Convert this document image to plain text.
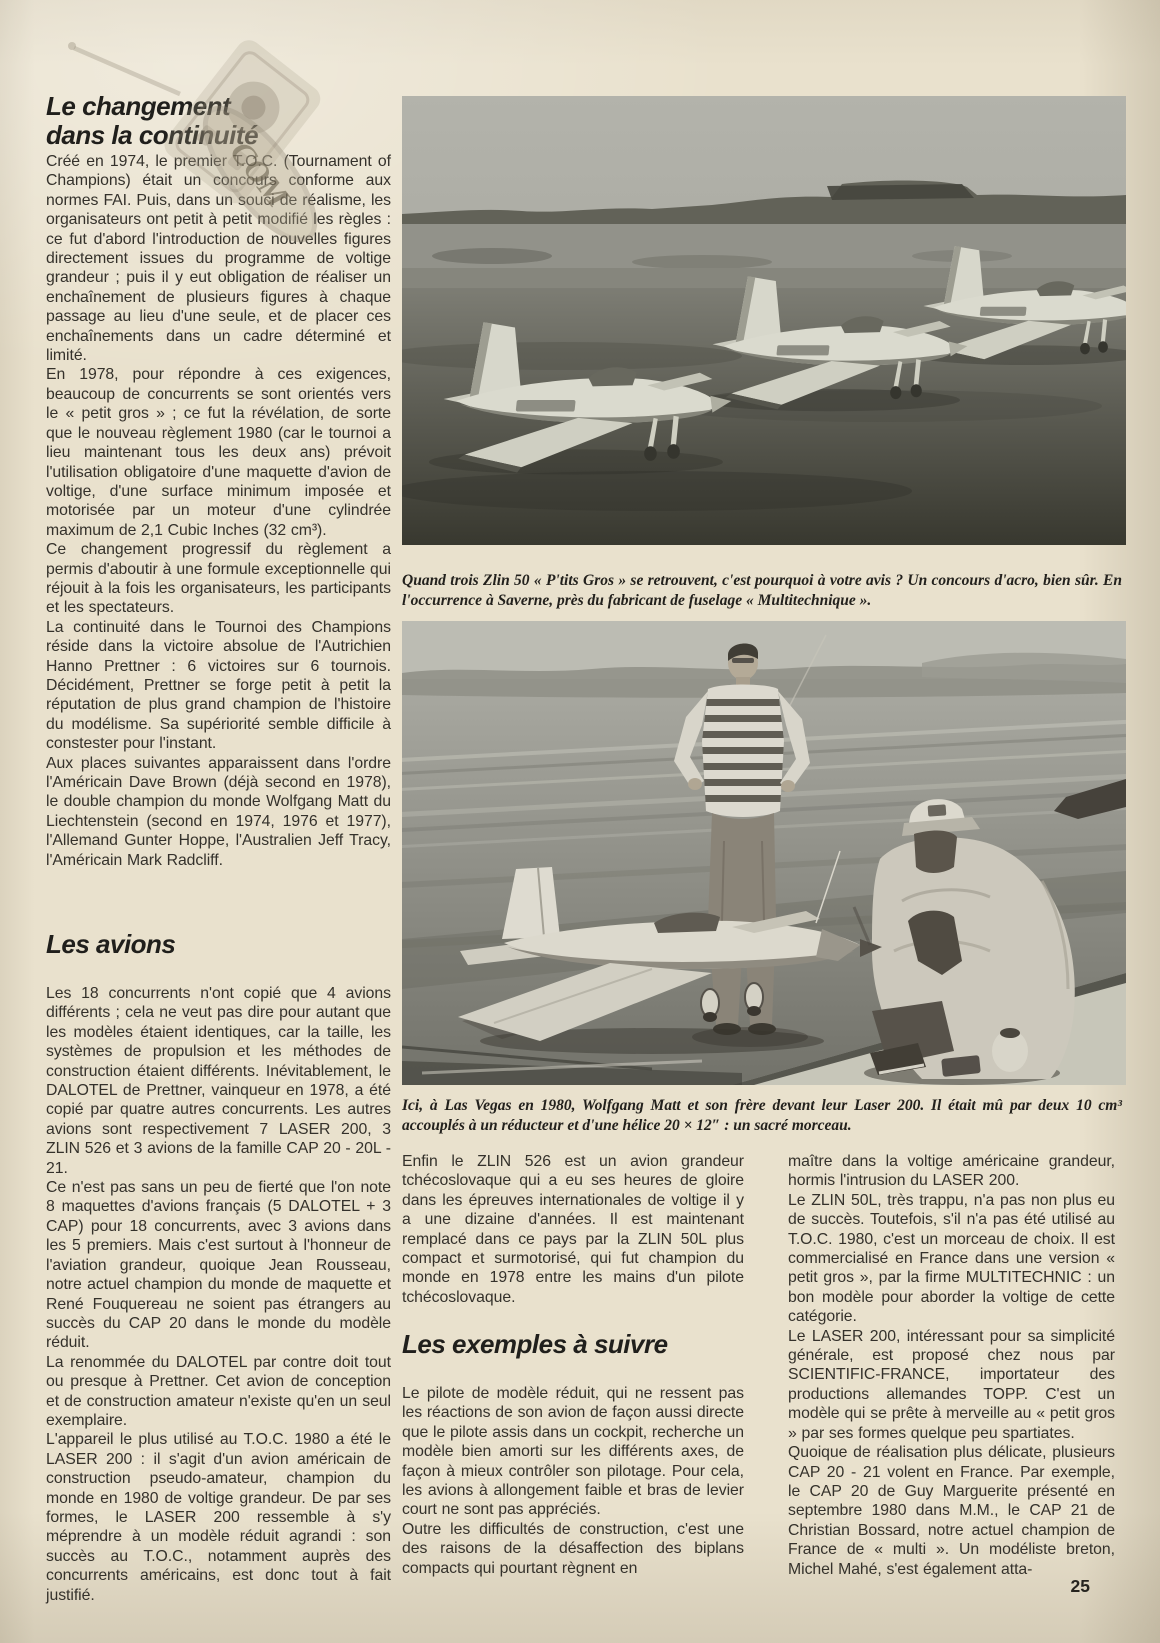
Le changement
dans la continuité

Créé en 1974, le premier T.O.C. (Tournament of Champions) était un concours conforme aux normes FAI. Puis, dans un souci de réalisme, les organisateurs ont petit à petit modifié les règles : ce fut d'abord l'introduction de nouvelles figures directement issues du programme de voltige grandeur ; puis il y eut obligation de réaliser un enchaînement de plusieurs figures à chaque passage au lieu d'une seule, et de placer ces enchaînements dans un cadre déterminé et limité.

En 1978, pour répondre à ces exigences, beaucoup de concurrents se sont orientés vers le « petit gros » ; ce fut la révélation, de sorte que le nouveau règlement 1980 (car le tournoi a lieu maintenant tous les deux ans) prévoit l'utilisation obligatoire d'une maquette d'avion de voltige, d'une surface minimum imposée et motorisée par un moteur d'une cylindrée maximum de 2,1 Cubic Inches (32 cm³).

Ce changement progressif du règlement a permis d'aboutir à une formule exceptionnelle qui réjouit à la fois les organisateurs, les participants et les spectateurs.

La continuité dans le Tournoi des Champions réside dans la victoire absolue de l'Autrichien Hanno Prettner : 6 victoires sur 6 tournois. Décidément, Prettner se forge petit à petit la réputation de plus grand champion de l'histoire du modélisme. Sa supériorité semble difficile à constester pour l'instant.

Aux places suivantes apparaissent dans l'ordre l'Américain Dave Brown (déjà second en 1978), le double champion du monde Wolfgang Matt du Liechtenstein (second en 1974, 1976 et 1977), l'Allemand Gunter Hoppe, l'Australien Jeff Tracy, l'Américain Mark Radcliff.

Les avions

Les 18 concurrents n'ont copié que 4 avions différents ; cela ne veut pas dire pour autant que les modèles étaient identiques, car la taille, les systèmes de propulsion et les méthodes de construction étaient différents. Inévitablement, le DALOTEL de Prettner, vainqueur en 1978, a été copié par quatre autres concurrents. Les autres avions sont respectivement 7 LASER 200, 3 ZLIN 526 et 3 avions de la famille CAP 20 - 20L - 21.

Ce n'est pas sans un peu de fierté que l'on note 8 maquettes d'avions français (5 DALOTEL + 3 CAP) pour 18 concurrents, avec 3 avions dans les 5 premiers. Mais c'est surtout à l'honneur de l'aviation grandeur, quoique Jean Rousseau, notre actuel champion du monde de maquette et René Fouquereau ne soient pas étrangers au succès du CAP 20 dans le monde du modèle réduit.

La renommée du DALOTEL par contre doit tout ou presque à Prettner. Cet avion de conception et de construction amateur n'existe qu'en un seul exemplaire.

L'appareil le plus utilisé au T.O.C. 1980 a été le LASER 200 : il s'agit d'un avion américain de construction pseudo-amateur, champion du monde en 1980 de voltige grandeur. De par ses formes, le LASER 200 ressemble à s'y méprendre à un modèle réduit agrandi : son succès au T.O.C., notamment auprès des concurrents américains, est donc tout à fait justifié.

Quand trois Zlin 50 « P'tits Gros » se retrouvent, c'est pourquoi à votre avis ? Un concours d'acro, bien sûr. En l'occurrence à Saverne, près du fabricant de fuselage « Multitechnique ».
Ici, à Las Vegas en 1980, Wolfgang Matt et son frère devant leur Laser 200. Il était mû par deux 10 cm³ accouplés à un réducteur et d'une hélice 20 × 12″ : un sacré morceau.

Enfin le ZLIN 526 est un avion grandeur tchécoslovaque qui a eu ses heures de gloire dans les épreuves internationales de voltige il y a une dizaine d'années. Il est maintenant remplacé dans ce pays par la ZLIN 50L plus compact et surmotorisé, qui fut champion du monde en 1978 entre les mains d'un pilote tchécoslovaque.

Les exemples à suivre

Le pilote de modèle réduit, qui ne ressent pas les réactions de son avion de façon aussi directe que le pilote assis dans un cockpit, recherche un modèle bien amorti sur les différents axes, de façon à mieux contrôler son pilotage. Pour cela, les avions à allongement faible et bras de levier court ne sont pas appréciés.

Outre les difficultés de construction, c'est une des raisons de la désaffection des biplans compacts qui pourtant règnent en

maître dans la voltige américaine grandeur, hormis l'intrusion du LASER 200.

Le ZLIN 50L, très trappu, n'a pas non plus eu de succès. Toutefois, s'il n'a pas été utilisé au T.O.C. 1980, c'est un morceau de choix. Il est commercialisé en France dans une version « petit gros », par la firme MULTITECHNIC : un bon modèle pour aborder la voltige de cette catégorie.

Le LASER 200, intéressant pour sa simplicité générale, est proposé chez nous par SCIENTIFIC-FRANCE, importateur des productions allemandes TOPP. C'est un modèle qui se prête à merveille au « petit gros » par ses formes quelque peu spartiates.

Quoique de réalisation plus délicate, plusieurs CAP 20 - 21 volent en France. Par exemple, le CAP 20 de Guy Marguerite présenté en septembre 1980 dans M.M., le CAP 21 de Christian Bossard, notre actuel champion de France de « multi ». Un modéliste breton, Michel Mahé, s'est également atta-

25
COM
